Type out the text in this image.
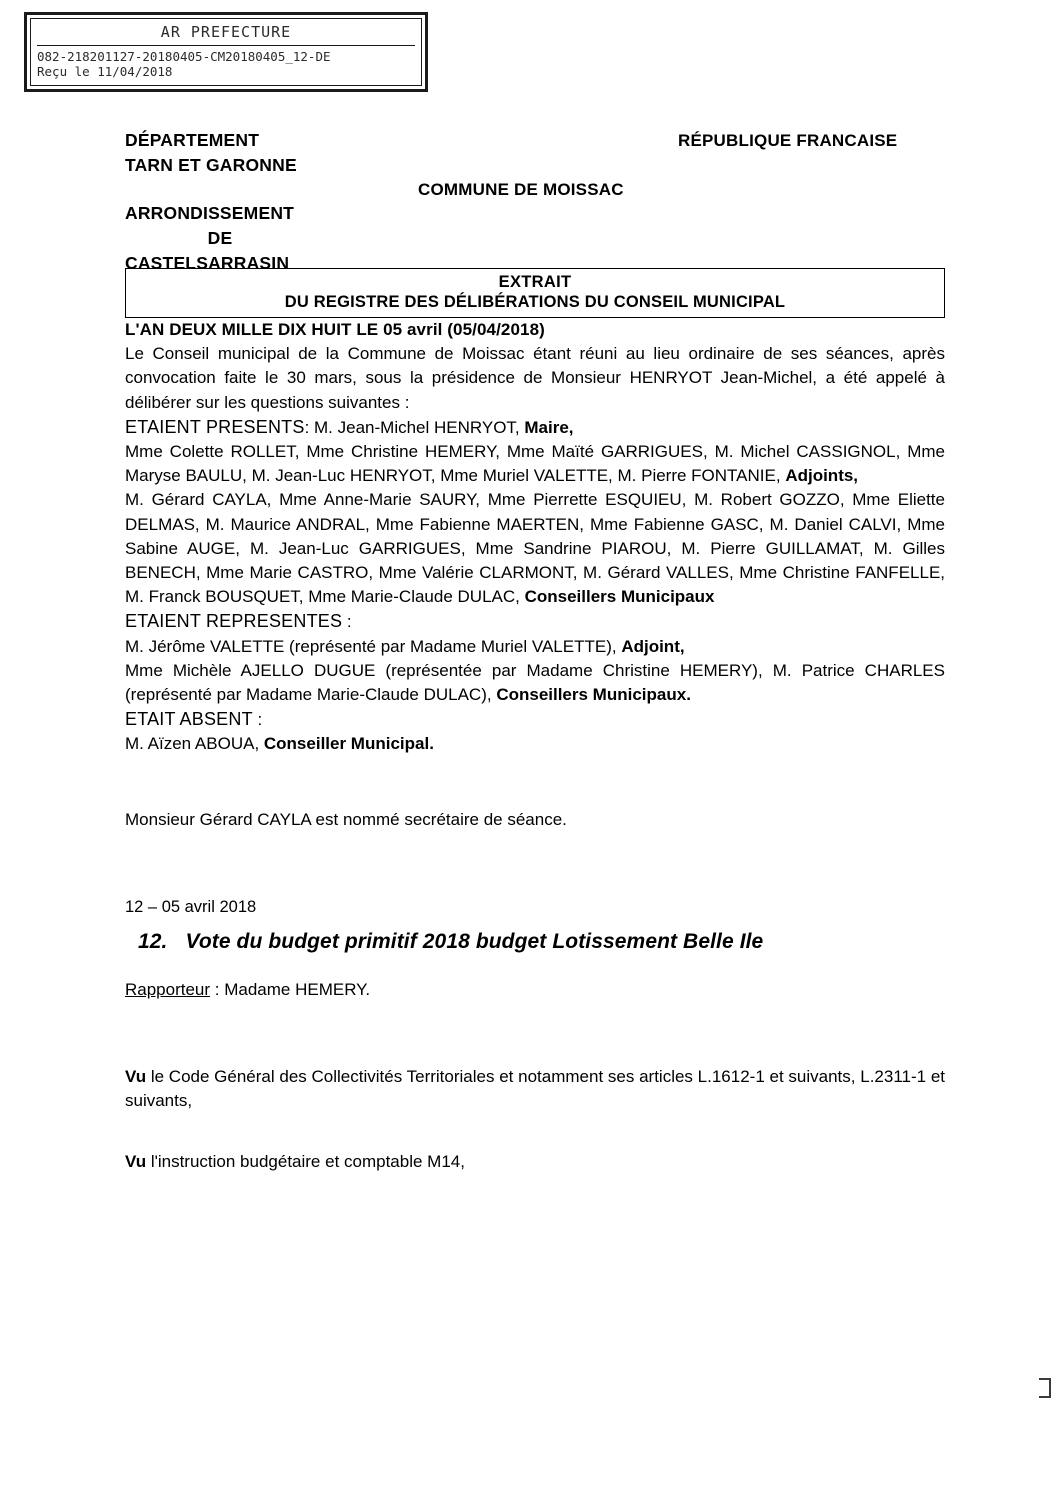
AR PREFECTURE
082-218201127-20180405-CM20180405_12-DE
Reçu le 11/04/2018
DÉPARTEMENT
TARN ET GARONNE
ARRONDISSEMENT
DE
CASTELSARRASIN
RÉPUBLIQUE FRANCAISE
COMMUNE DE MOISSAC
EXTRAIT
DU REGISTRE DES DÉLIBÉRATIONS DU CONSEIL MUNICIPAL

L'AN DEUX MILLE DIX HUIT LE 05 avril (05/04/2018)

Le Conseil municipal de la Commune de Moissac étant réuni au lieu ordinaire de ses séances, après convocation faite le 30 mars, sous la présidence de Monsieur HENRYOT Jean-Michel, a été appelé à délibérer sur les questions suivantes :

ETAIENT PRESENTS: M. Jean-Michel HENRYOT, Maire,

Mme Colette ROLLET, Mme Christine HEMERY, Mme Maïté GARRIGUES, M. Michel CASSIGNOL, Mme Maryse BAULU, M. Jean-Luc HENRYOT, Mme Muriel VALETTE, M. Pierre FONTANIE, Adjoints,

M. Gérard CAYLA, Mme Anne-Marie SAURY, Mme Pierrette ESQUIEU, M. Robert GOZZO, Mme Eliette DELMAS, M. Maurice ANDRAL, Mme Fabienne MAERTEN, Mme Fabienne GASC, M. Daniel CALVI, Mme Sabine AUGE, M. Jean-Luc GARRIGUES, Mme Sandrine PIAROU, M. Pierre GUILLAMAT, M. Gilles BENECH, Mme Marie CASTRO, Mme Valérie CLARMONT, M. Gérard VALLES, Mme Christine FANFELLE, M. Franck BOUSQUET, Mme Marie-Claude DULAC, Conseillers Municipaux

ETAIENT REPRESENTES :

M. Jérôme VALETTE (représenté par Madame Muriel VALETTE), Adjoint,

Mme Michèle AJELLO DUGUE (représentée par Madame Christine HEMERY), M. Patrice CHARLES (représenté par Madame Marie-Claude DULAC), Conseillers Municipaux.

ETAIT ABSENT :

M. Aïzen ABOUA, Conseiller Municipal.

Monsieur Gérard CAYLA est nommé secrétaire de séance.
12 – 05 avril 2018
12. Vote du budget primitif 2018 budget Lotissement Belle Ile
Rapporteur : Madame HEMERY.
Vu le Code Général des Collectivités Territoriales et notamment ses articles L.1612-1 et suivants, L.2311-1 et suivants,
Vu l'instruction budgétaire et comptable M14,
